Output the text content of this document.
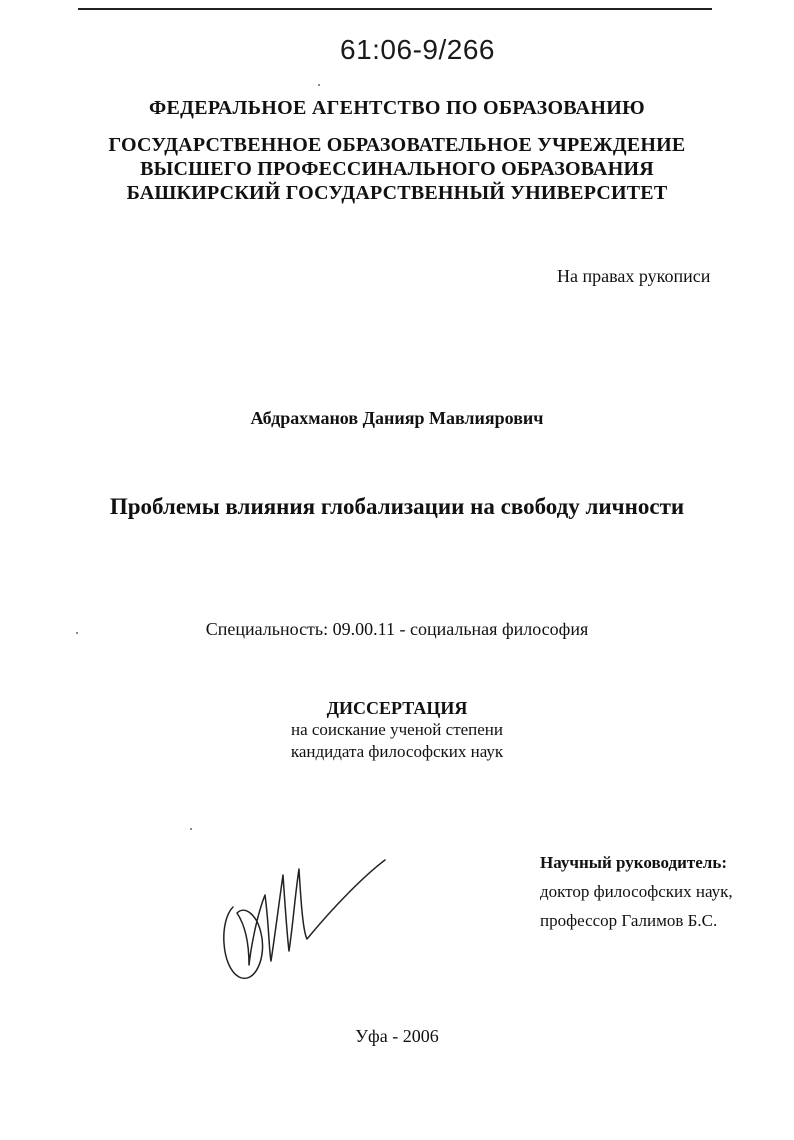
61:06-9/266
ФЕДЕРАЛЬНОЕ АГЕНТСТВО ПО ОБРАЗОВАНИЮ
ГОСУДАРСТВЕННОЕ ОБРАЗОВАТЕЛЬНОЕ УЧРЕЖДЕНИЕ
ВЫСШЕГО ПРОФЕССИНАЛЬНОГО ОБРАЗОВАНИЯ
БАШКИРСКИЙ ГОСУДАРСТВЕННЫЙ УНИВЕРСИТЕТ
На правах рукописи
Абдрахманов Данияр Мавлиярович
Проблемы влияния глобализации на свободу личности
Специальность: 09.00.11 - социальная философия
ДИССЕРТАЦИЯ
на соискание ученой степени
кандидата философских наук
Научный руководитель:
доктор философских наук,
профессор Галимов Б.С.
Уфа - 2006
